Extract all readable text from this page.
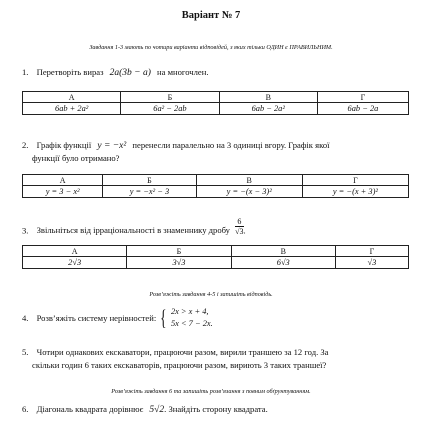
Варіант № 7
Завдання 1-3 мають по чотири варіанти відповідей, з яких тільки ОДИН є ПРАВИЛЬНИМ.
1. Перетворіть вираз 2a(3b − a) на многочлен.
А	Б	В	Г
6ab + 2a²	6a² − 2ab	6ab − 2a²	6ab − 2a
2. Графік функції y = −x² перенесли паралельно на 3 одиниці вгору. Графік якої
функції було отримано?
А	Б	В	Г
y = 3 − x²	y = −x² − 3	y = −(x − 3)²	y = −(x + 3)²
3. Звільніться від ірраціональності в знаменнику дробу $\frac{6}{√3}$ .
А	Б	В	Г
2√3	3√3	6√3	√3
Розв’яжіть завдання 4-5 і запишіть відповідь.
4. Розв’яжіть систему нерівностей: { 2x > x + 4,
5x < 7 − 2x.
5. Чотири однакових екскаватори, працюючи разом, вирили траншею за 12 год. За
скільки годин 6 таких екскаваторів, працюючи разом, вириють 3 таких траншеї?
Розв’яжіть завдання 6 та запишіть розв’язання з повним обґрунтуванням.
6. Діагональ квадрата дорівнює 5√2. Знайдіть сторону квадрата.
